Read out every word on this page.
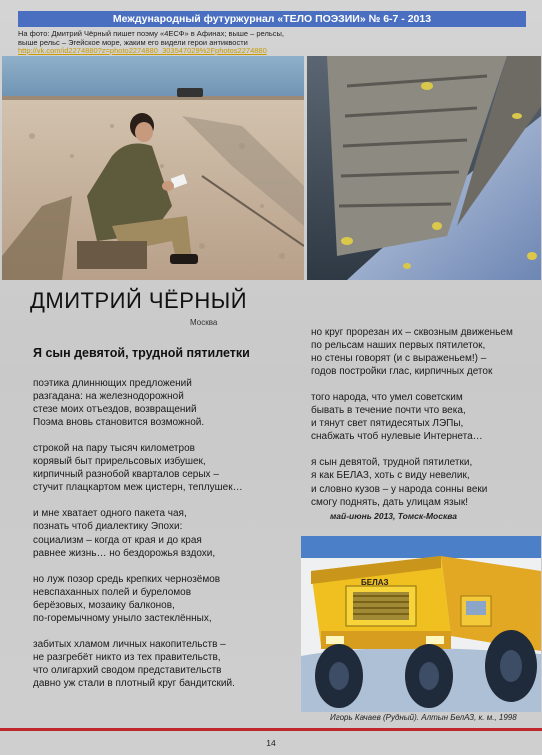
Международный футуржурнал «ТЕЛО ПОЭЗИИ» № 6-7 - 2013
На фото: Дмитрий Чёрный пишет поэму «4ЕСФ» в Афинах; выше – рельсы,
выше рельс – Эгейское море, жаким его видели герои антиквости
http://vk.com/id2274880?z=photo2274880_303547029%2Fphotos2274880
ДМИТРИЙ ЧЁРНЫЙ
Москва
Я сын девятой, трудной пятилетки

поэтика длиннющих предложений
разгадана: на железнодорожной
стезе моих отъездов, возвращений
Поэма вновь становится возможной.

строкой на пару тысяч километров
корявый быт прирельсовых избушек,
кирпичный разнобой кварталов серых –
стучит плацкартом меж цистерн, теплушек…

и мне хватает одного пакета чая,
познать чтоб диалектику Эпохи:
социализм – когда от края и до края
равнее жизнь… но бездорожья вздохи,

но луж позор средь крепких чернозёмов
невспаханных полей и буреломов
берёзовых, мозаику балконов,
по-горемычному уныло застеклённых,

забитых хламом личных накопительств –
не разгребёт никто из тех правительств,
что олигархий сводом представительств
давно уж стали в плотный круг бандитский.

но круг прорезан их – сквозным движеньем
по рельсам наших первых пятилеток,
но стены говорят (и с выраженьем!) –
годов постройки глас, кирпичных деток

того народа, что умел советским
бывать в течение почти что века,
и тянут свет пятидесятых ЛЭПы,
снабжать чтоб нулевые Интернета…

я сын девятой, трудной пятилетки,
я как БЕЛАЗ, хоть с виду невелик,
и словно кузов – у народа сонны веки
смогу поднять, дать улицам язык!

май-июнь 2013, Томск-Москва
БЕЛАЗ
Игорь Качаев (Рудный). Алтын БелАЗ, к. м., 1998
14
